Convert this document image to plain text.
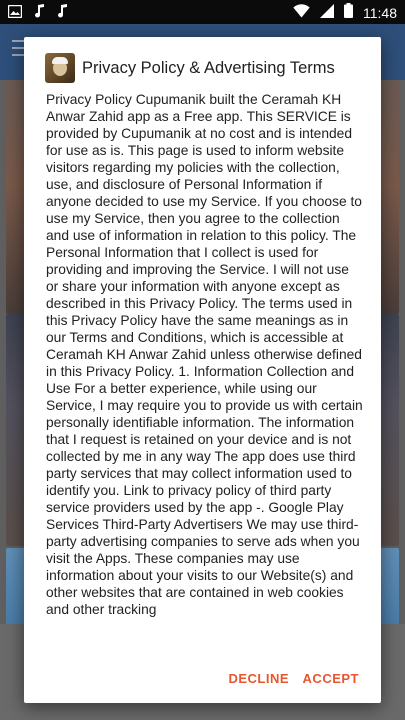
11:48
Privacy Policy & Advertising Terms
Privacy Policy Cupumanik built the Ceramah KH Anwar Zahid app as a Free app. This SERVICE is provided by Cupumanik at no cost and is intended for use as is. This page is used to inform website visitors regarding my policies with the collection, use, and disclosure of Personal Information if anyone decided to use my Service. If you choose to use my Service, then you agree to the collection and use of information in relation to this policy. The Personal Information that I collect is used for providing and improving the Service. I will not use or share your information with anyone except as described in this Privacy Policy. The terms used in this Privacy Policy have the same meanings as in our Terms and Conditions, which is accessible at Ceramah KH Anwar Zahid unless otherwise defined in this Privacy Policy. 1. Information Collection and Use For a better experience, while using our Service, I may require you to provide us with certain personally identifiable information. The information that I request is retained on your device and is not collected by me in any way The app does use third party services that may collect information used to identify you. Link to privacy policy of third party service providers used by the app -. Google Play Services Third-Party Advertisers We may use third-party advertising companies to serve ads when you visit the Apps. These companies may use information about your visits to our Website(s) and other websites that are contained in web cookies and other tracking
DECLINE ACCEPT
